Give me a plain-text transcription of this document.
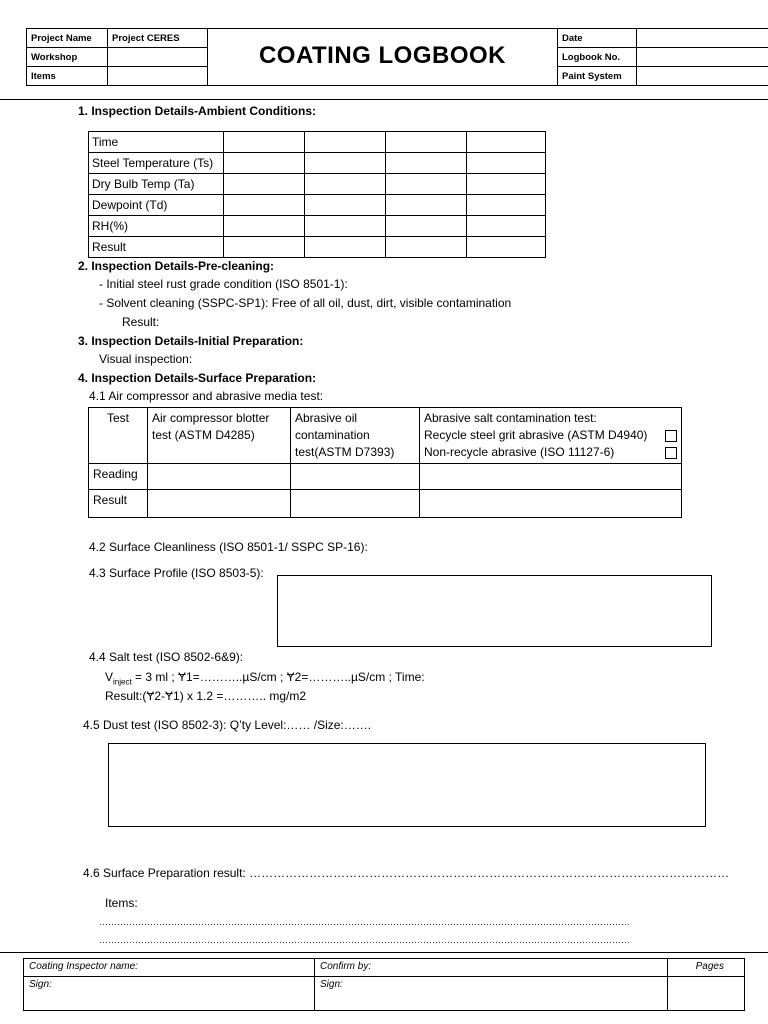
Project Name	Project CERES
Workshop	
Items	
COATING LOGBOOK
Date	
Logbook No.	
Paint System	
1. Inspection Details-Ambient Conditions:
Time				
Steel Temperature (Ts)				
Dry Bulb Temp (Ta)				
Dewpoint (Td)				
RH(%)				
Result				
2. Inspection Details-Pre-cleaning:
- Initial steel rust grade condition (ISO 8501-1):
- Solvent cleaning (SSPC-SP1): Free of all oil, dust, dirt, visible contamination
Result:
3. Inspection Details-Initial Preparation:
Visual inspection:
4. Inspection Details-Surface Preparation:
4.1 Air compressor and abrasive media test:
Test	Air compressor blotter test (ASTM D4285)	Abrasive oil contamination test(ASTM D7393)	Abrasive salt contamination test:
Recycle steel grit abrasive (ASTM D4940)
Non-recycle abrasive (ISO 11127-6)

Reading			
Result			
4.2 Surface Cleanliness (ISO 8501-1/ SSPC SP-16):
4.3 Surface Profile (ISO 8503-5):
4.4 Salt test (ISO 8502-6&9):
$V_{inject} = 3$ ml ; Ɏ1=………..µS/cm ; Ɏ2=………..µS/cm ; Time:
Result:(Ɏ2-Ɏ1) x 1.2 =……….. mg/m2
4.5 Dust test (ISO 8502-3): Q’ty Level:…… /Size:…….
4.6 Surface Preparation result: …………………………………………………………………………………………………………
Items:
……………………………………………………………………………………………………………………………………………………………
……………………………………………………………………………………………………………………………………………………………
Coating Inspector name:	Confirm by:	Pages
Sign:	Sign:	
